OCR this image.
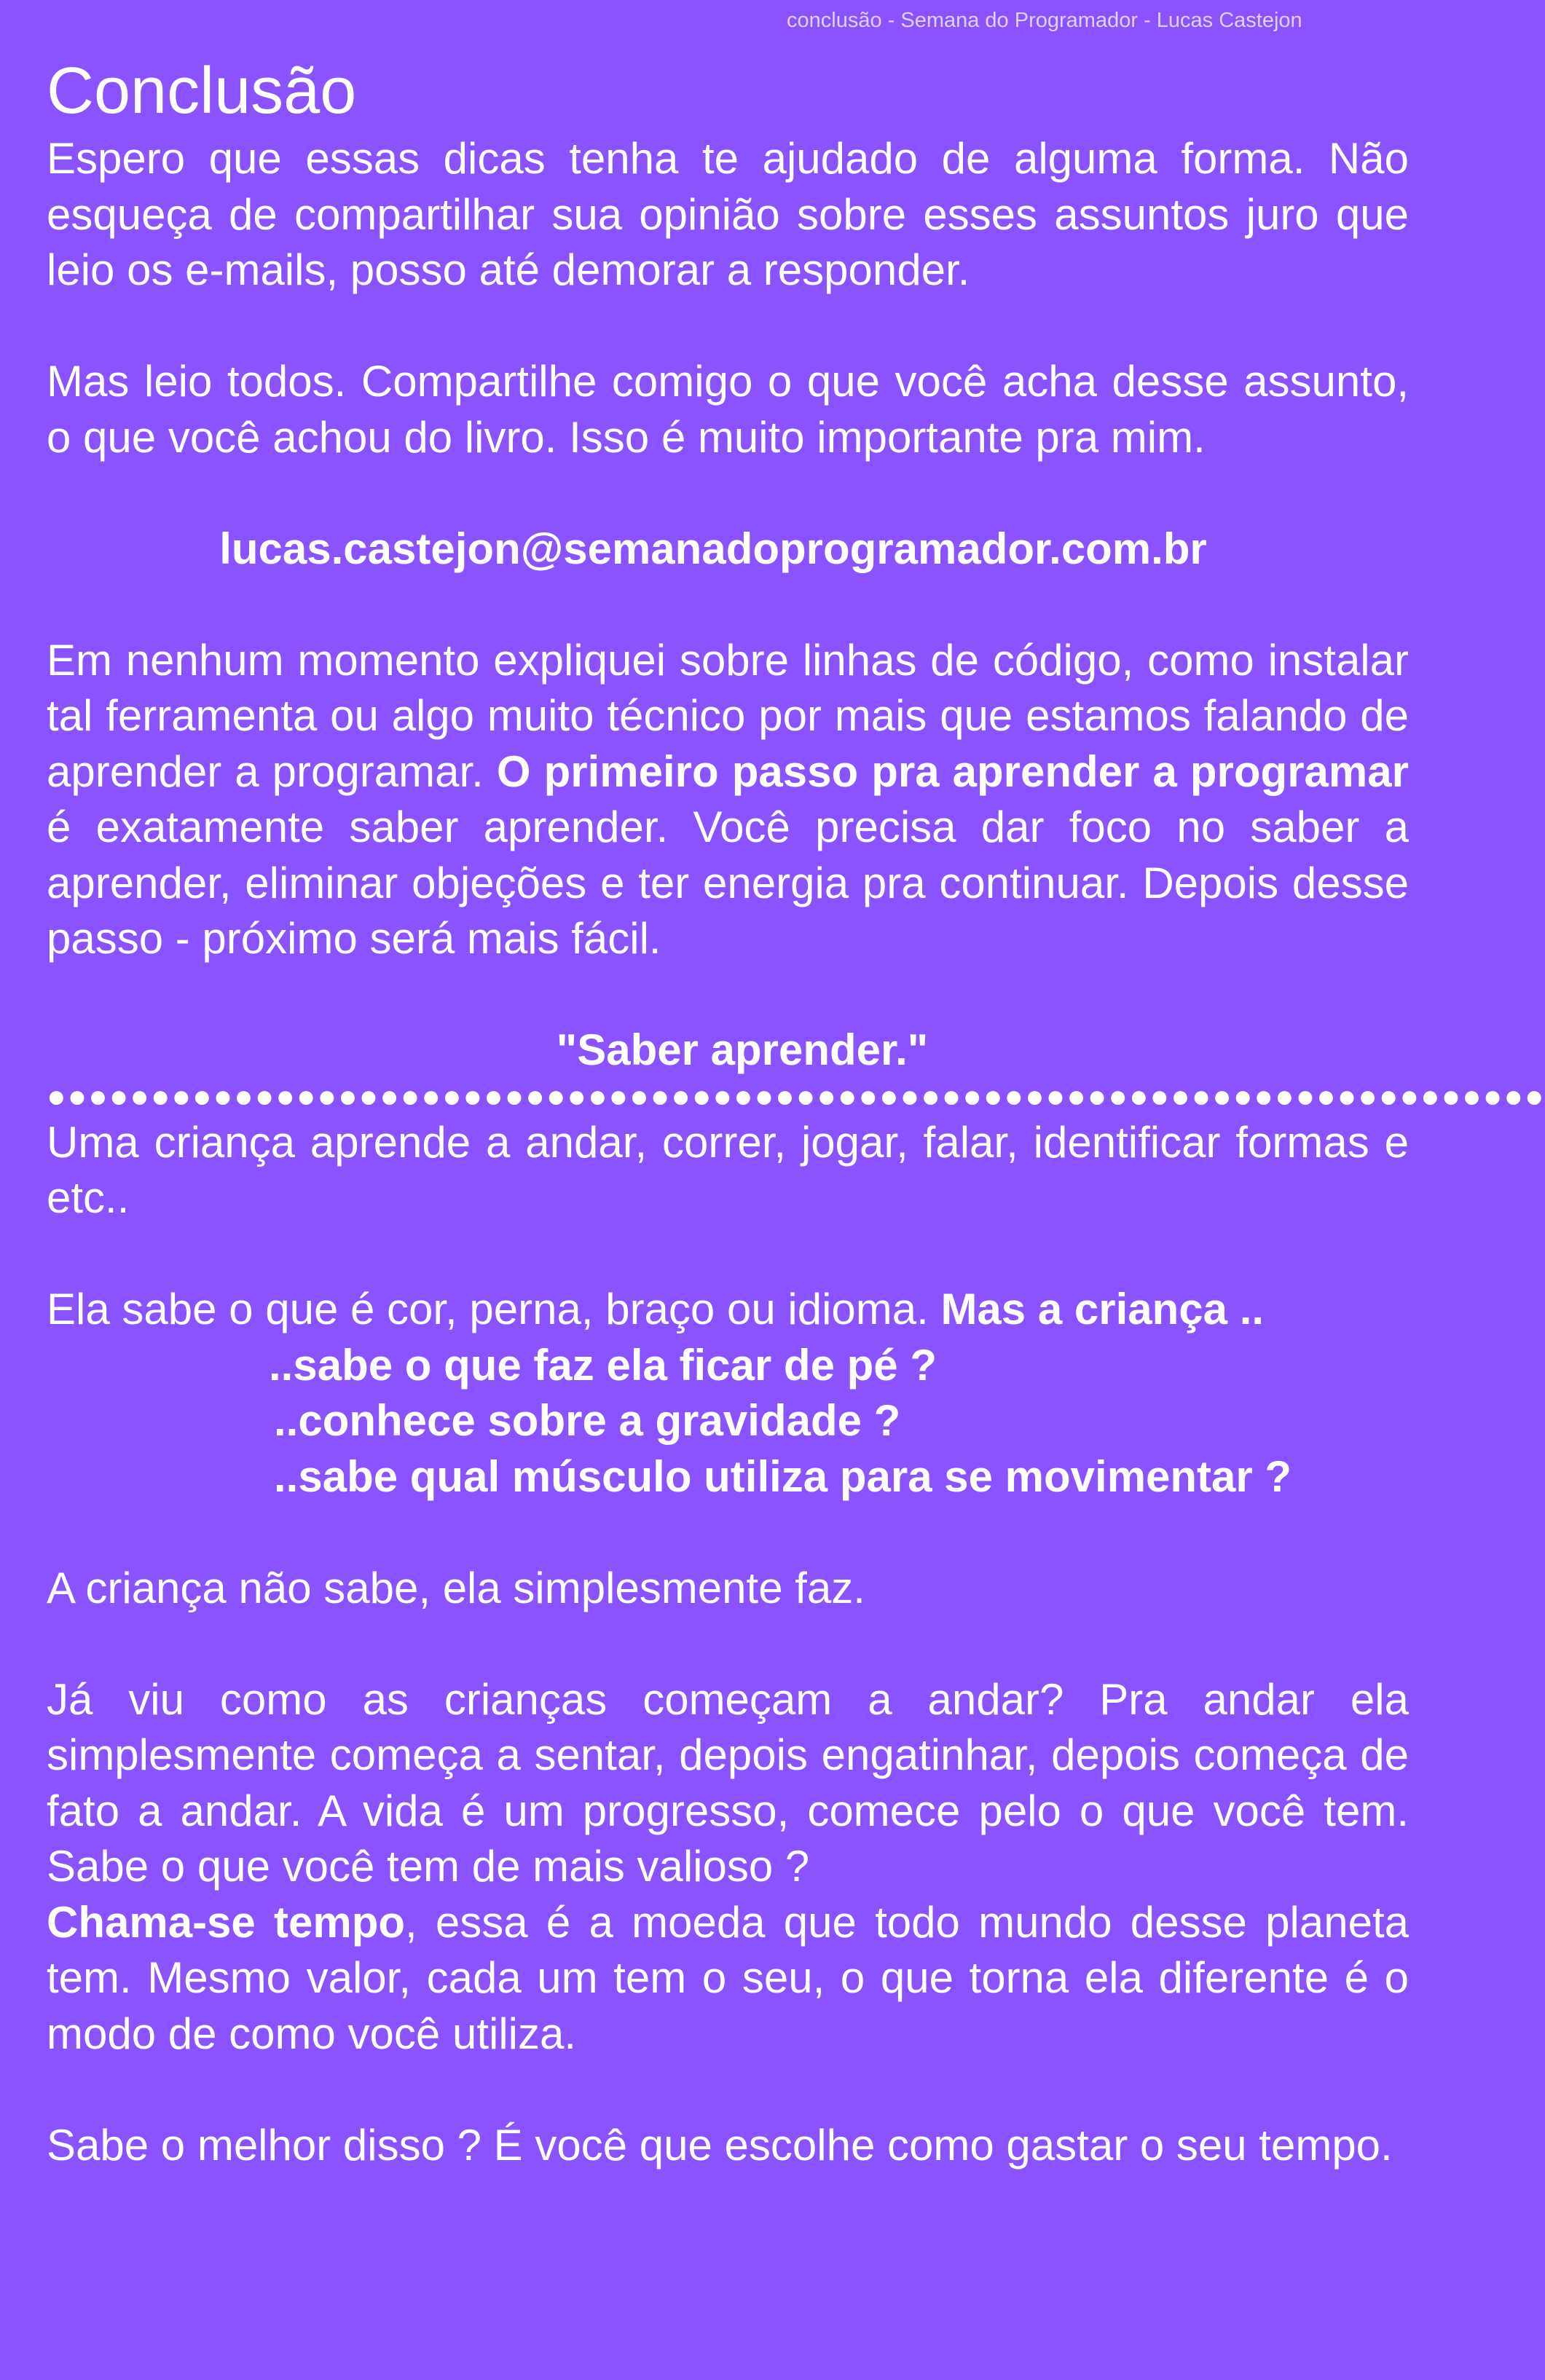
conclusão - Semana do Programador - Lucas Castejon
Conclusão

Espero que essas dicas tenha te ajudado de alguma forma. Não esqueça de compartilhar sua opinião sobre esses assuntos juro que leio os e-mails, posso até demorar a responder.

Mas leio todos. Compartilhe comigo o que você acha desse assunto, o que você achou do livro. Isso é muito importante pra mim.

lucas.castejon@semanadoprogramador.com.br

Em nenhum momento expliquei sobre linhas de código, como instalar tal ferramenta ou algo muito técnico por mais que estamos falando de aprender a programar. O primeiro passo pra aprender a programar é exatamente saber aprender. Você precisa dar foco no saber a aprender, eliminar objeções e ter energia pra continuar. Depois desse passo - próximo será mais fácil.

"Saber aprender."

●●●●●●●●●●●●●●●●●●●●●●●●●●●●●●●●●●●●●●●●●●●●●●●●●●●●●●●●●●●●●●●●●●●●●●●●

Uma criança aprende a andar, correr, jogar, falar, identificar formas e etc..

Ela sabe o que é cor, perna, braço ou idioma. Mas a criança ..

..sabe o que faz ela ficar de pé ?

..conhece sobre a gravidade ?

..sabe qual músculo utiliza para se movimentar ?

A criança não sabe, ela simplesmente faz.

Já viu como as crianças começam a andar? Pra andar ela simplesmente começa a sentar, depois engatinhar, depois começa de fato a andar. A vida é um progresso, comece pelo o que você tem. Sabe o que você tem de mais valioso ?

Chama-se tempo, essa é a moeda que todo mundo desse planeta tem. Mesmo valor, cada um tem o seu, o que torna ela diferente é o modo de como você utiliza.

Sabe o melhor disso ? É você que escolhe como gastar o seu tempo.
